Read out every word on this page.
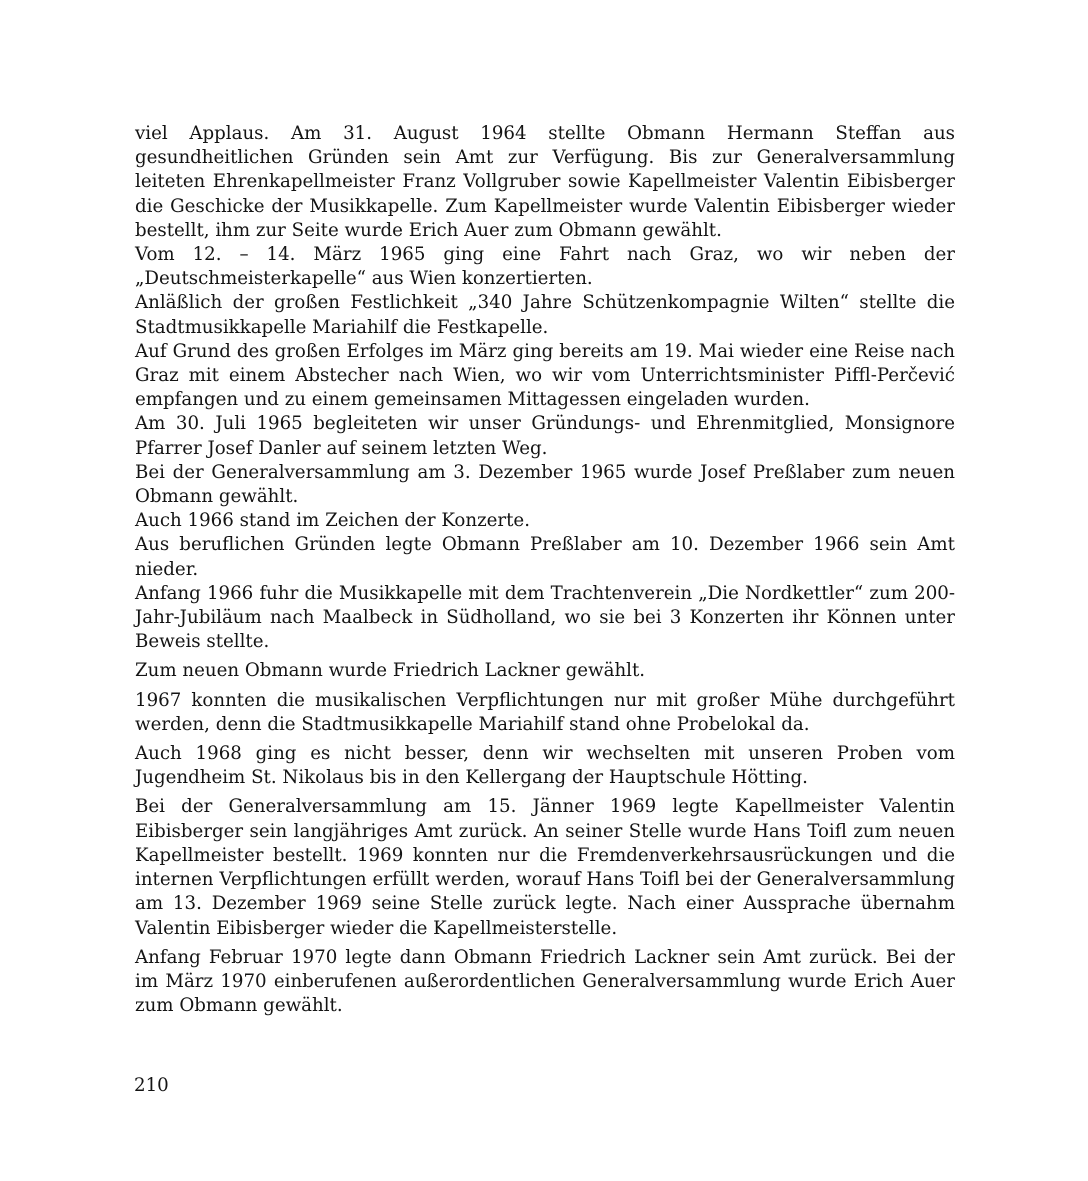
viel Applaus. Am 31. August 1964 stellte Obmann Hermann Steffan aus gesundheitlichen Gründen sein Amt zur Verfügung. Bis zur Generalversammlung leiteten Ehrenkapellmeister Franz Vollgruber sowie Kapellmeister Valentin Eibisberger die Geschicke der Musikkapelle. Zum Kapellmeister wurde Valentin Eibisberger wieder bestellt, ihm zur Seite wurde Erich Auer zum Obmann gewählt.

Vom 12. – 14. März 1965 ging eine Fahrt nach Graz, wo wir neben der „Deutschmeisterkapelle“ aus Wien konzertierten.

Anläßlich der großen Festlichkeit „340 Jahre Schützenkompagnie Wilten“ stellte die Stadtmusikkapelle Mariahilf die Festkapelle.

Auf Grund des großen Erfolges im März ging bereits am 19. Mai wieder eine Reise nach Graz mit einem Abstecher nach Wien, wo wir vom Unterrichtsminister Piffl-Perčević empfangen und zu einem gemeinsamen Mittagessen eingeladen wurden.

Am 30. Juli 1965 begleiteten wir unser Gründungs- und Ehrenmitglied, Monsignore Pfarrer Josef Danler auf seinem letzten Weg.

Bei der Generalversammlung am 3. Dezember 1965 wurde Josef Preßlaber zum neuen Obmann gewählt.

Auch 1966 stand im Zeichen der Konzerte.

Aus beruflichen Gründen legte Obmann Preßlaber am 10. Dezember 1966 sein Amt nieder.

Anfang 1966 fuhr die Musikkapelle mit dem Trachtenverein „Die Nordkettler“ zum 200-Jahr-Jubiläum nach Maalbeck in Südholland, wo sie bei 3 Konzerten ihr Können unter Beweis stellte.

Zum neuen Obmann wurde Friedrich Lackner gewählt.

1967 konnten die musikalischen Verpflichtungen nur mit großer Mühe durchgeführt werden, denn die Stadtmusikkapelle Mariahilf stand ohne Probelokal da.

Auch 1968 ging es nicht besser, denn wir wechselten mit unseren Proben vom Jugendheim St. Nikolaus bis in den Kellergang der Hauptschule Hötting.

Bei der Generalversammlung am 15. Jänner 1969 legte Kapellmeister Valentin Eibisberger sein langjähriges Amt zurück. An seiner Stelle wurde Hans Toifl zum neuen Kapellmeister bestellt. 1969 konnten nur die Fremdenverkehrsausrückungen und die internen Verpflichtungen erfüllt werden, worauf Hans Toifl bei der Generalversammlung am 13. Dezember 1969 seine Stelle zurück legte. Nach einer Aussprache übernahm Valentin Eibisberger wieder die Kapellmeisterstelle.

Anfang Februar 1970 legte dann Obmann Friedrich Lackner sein Amt zurück. Bei der im März 1970 einberufenen außerordentlichen Generalversammlung wurde Erich Auer zum Obmann gewählt.

210
